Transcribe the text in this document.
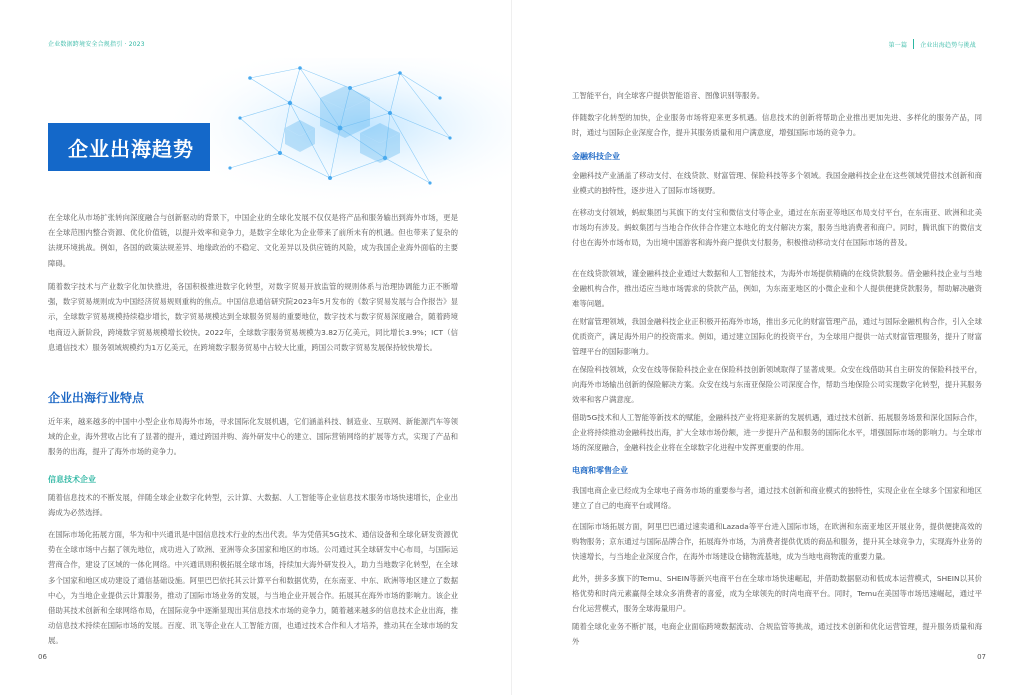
企业数据跨境安全合规指引 · 2023
企业出海趋势

在全球化从市场扩张转向深度融合与创新驱动的背景下，中国企业的全球化发展不仅仅是将产品和服务输出到海外市场，更是在全球范围内整合资源、优化价值链，以提升效率和竞争力，是数字全球化为企业带来了前所未有的机遇。但也带来了复杂的法规环境挑战。例如，各国的政策法规差异、地缘政治的不稳定、文化差异以及供应链的风险，成为我国企业海外面临的主要障碍。

随着数字技术与产业数字化加快推进，各国积极推进数字化转型，对数字贸易开放监管的规则体系与治理协调能力正不断增强，数字贸易规则成为中国经济贸易规则重构的焦点。中国信息通信研究院2023年5月发布的《数字贸易发展与合作报告》显示，全球数字贸易规模持续稳步增长，数字贸易规模达到全球服务贸易的重要地位，数字技术与数字贸易深度融合，随着跨境电商迈入新阶段，跨境数字贸易规模增长较快。2022年，全球数字服务贸易规模为3.82万亿美元，同比增长3.9%；ICT（信息通信技术）服务领域规模约为1万亿美元，在跨境数字服务贸易中占较大比重，跨国公司数字贸易发展保持较快增长。

企业出海行业特点

近年来，越来越多的中国中小型企业布局海外市场，寻求国际化发展机遇，它们涵盖科技、制造业、互联网、新能源汽车等领域的企业，海外营收占比有了显著的提升，通过跨国并购、海外研发中心的建立、国际营销网络的扩展等方式，实现了产品和服务的出海，提升了海外市场的竞争力。

信息技术企业

随着信息技术的不断发展，伴随全球企业数字化转型，云计算、大数据、人工智能等企业信息技术服务市场快速增长，企业出海成为必然选择。

在国际市场化拓展方面，华为和中兴通讯是中国信息技术行业的杰出代表。华为凭借其5G技术、通信设备和全球化研发资源优势在全球市场中占据了领先地位，成功进入了欧洲、亚洲等众多国家和地区的市场。公司通过其全球研发中心布局，与国际运营商合作，建设了区域的一体化网络。中兴通讯则积极拓展全球市场，持续加大海外研发投入，助力当地数字化转型，在全球多个国家和地区成功建设了通信基础设施。阿里巴巴依托其云计算平台和数据优势，在东南亚、中东、欧洲等地区建立了数据中心，为当地企业提供云计算服务，推动了国际市场业务的发展，与当地企业开展合作。拓展其在海外市场的影响力。该企业借助其技术创新和全球网络布局，在国际竞争中逐渐显现出其信息技术市场的竞争力，随着越来越多的信息技术企业出海，推动信息技术持续在国际市场的发展。百度、讯飞等企业在人工智能方面，也通过技术合作和人才培养，推动其在全球市场的发展。

06
第一篇 企业出海趋势与挑战

工智能平台，向全球客户提供智能语音、图像识别等服务。

伴随数字化转型的加快，企业服务市场将迎来更多机遇。信息技术的创新将帮助企业推出更加先进、多样化的服务产品，同时，通过与国际企业深度合作，提升其服务质量和用户满意度，增强国际市场的竞争力。

金融科技企业

金融科技产业涵盖了移动支付、在线贷款、财富管理、保险科技等多个领域。我国金融科技企业在这些领域凭借技术创新和商业模式的独特性，逐步进入了国际市场视野。

在移动支付领域，蚂蚁集团与其旗下的支付宝和微信支付等企业，通过在东南亚等地区布局支付平台，在东南亚、欧洲和北美市场均有涉及。蚂蚁集团与当地合作伙伴合作建立本地化的支付解决方案，服务当地消费者和商户。同时，腾讯旗下的微信支付也在海外市场布局，为出境中国游客和海外商户提供支付服务，积极推动移动支付在国际市场的普及。

在在线贷款领域，谨金融科技企业通过大数据和人工智能技术，为海外市场提供精确的在线贷款服务。借金融科技企业与当地金融机构合作，推出适应当地市场需求的贷款产品，例如，为东南亚地区的小微企业和个人提供便捷贷款服务，帮助解决融资难等问题。

在财富管理领域，我国金融科技企业正积极开拓海外市场，推出多元化的财富管理产品，通过与国际金融机构合作，引入全球优质资产，满足海外用户的投资需求。例如，通过建立国际化的投资平台，为全球用户提供一站式财富管理服务，提升了财富管理平台的国际影响力。

在保险科技领域，众安在线等保险科技企业在保险科技创新领域取得了显著成果。众安在线借助其自主研发的保险科技平台，向海外市场输出创新的保险解决方案。众安在线与东南亚保险公司深度合作，帮助当地保险公司实现数字化转型，提升其服务效率和客户满意度。

借助5G技术和人工智能等新技术的赋能，金融科技产业将迎来新的发展机遇，通过技术创新、拓展服务场景和深化国际合作，企业将持续推动金融科技出海，扩大全球市场份额，进一步提升产品和服务的国际化水平，增强国际市场的影响力。与全球市场的深度融合，金融科技企业将在全球数字化进程中发挥更重要的作用。

电商和零售企业

我国电商企业已经成为全球电子商务市场的重要参与者，通过技术创新和商业模式的独特性，实现企业在全球多个国家和地区建立了自己的电商平台或网络。

在国际市场拓展方面，阿里巴巴通过速卖通和Lazada等平台进入国际市场，在欧洲和东南亚地区开展业务，提供便捷高效的购物服务；京东通过与国际品牌合作，拓展海外市场，为消费者提供优质的商品和服务，提升其全球竞争力，实现海外业务的快速增长，与当地企业深度合作，在海外市场建设仓储物流基地，成为当地电商物流的重要力量。

此外，拼多多旗下的Temu、SHEIN等新兴电商平台在全球市场快速崛起，并借助数据驱动和低成本运营模式，SHEIN以其价格优势和时尚元素赢得全球众多消费者的喜爱，成为全球领先的时尚电商平台。同时，Temu在美国等市场迅速崛起，通过平台化运营模式，服务全球海量用户。

随着全球化业务不断扩展，电商企业面临跨境数据流动、合规监管等挑战，通过技术创新和优化运营管理，提升服务质量和海外

07
